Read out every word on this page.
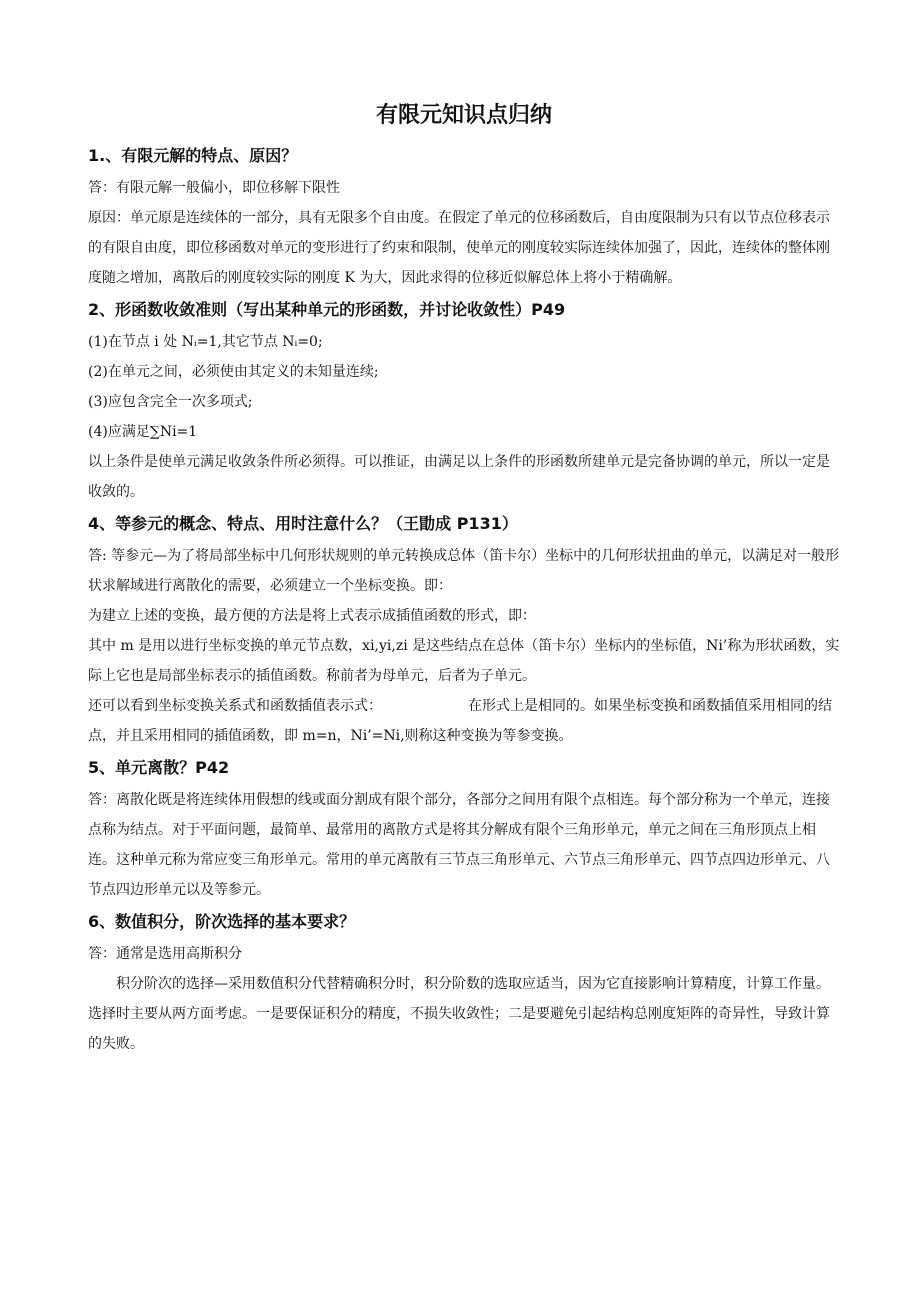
有限元知识点归纳
1.、有限元解的特点、原因？

答：有限元解一般偏小，即位移解下限性

原因：单元原是连续体的一部分，具有无限多个自由度。在假定了单元的位移函数后，自由度限制为只有以节点位移表示的有限自由度，即位移函数对单元的变形进行了约束和限制，使单元的刚度较实际连续体加强了，因此，连续体的整体刚度随之增加，离散后的刚度较实际的刚度 K 为大，因此求得的位移近似解总体上将小于精确解。

2、形函数收敛准则（写出某种单元的形函数，并讨论收敛性）P49

(1)在节点 i 处 Nᵢ=1,其它节点 Nᵢ=0;

(2)在单元之间，必须使由其定义的未知量连续;

(3)应包含完全一次多项式;

(4)应满足∑Ni=1

以上条件是使单元满足收敛条件所必须得。可以推证，由满足以上条件的形函数所建单元是完备协调的单元，所以一定是收敛的。

4、等参元的概念、特点、用时注意什么？（王勖成 P131）

答: 等参元—为了将局部坐标中几何形状规则的单元转换成总体（笛卡尔）坐标中的几何形状扭曲的单元，以满足对一般形状求解域进行离散化的需要，必须建立一个坐标变换。即：

为建立上述的变换，最方便的方法是将上式表示成插值函数的形式，即：

其中 m 是用以进行坐标变换的单元节点数，xi,yi,zi 是这些结点在总体（笛卡尔）坐标内的坐标值，Ni’称为形状函数，实际上它也是局部坐标表示的插值函数。称前者为母单元，后者为子单元。

还可以看到坐标变换关系式和函数插值表示式：	在形式上是相同的。如果坐标变换和函数插值采用相同的结点，并且采用相同的插值函数，即 m=n，Ni’=Ni,则称这种变换为等参变换。

5、单元离散？P42

答：离散化既是将连续体用假想的线或面分割成有限个部分，各部分之间用有限个点相连。每个部分称为一个单元，连接点称为结点。对于平面问题，最简单、最常用的离散方式是将其分解成有限个三角形单元，单元之间在三角形顶点上相连。这种单元称为常应变三角形单元。常用的单元离散有三节点三角形单元、六节点三角形单元、四节点四边形单元、八节点四边形单元以及等参元。

6、数值积分，阶次选择的基本要求？

答：通常是选用高斯积分

积分阶次的选择—采用数值积分代替精确积分时，积分阶数的选取应适当，因为它直接影响计算精度，计算工作量。选择时主要从两方面考虑。一是要保证积分的精度，不损失收敛性；二是要避免引起结构总刚度矩阵的奇异性，导致计算的失败。
